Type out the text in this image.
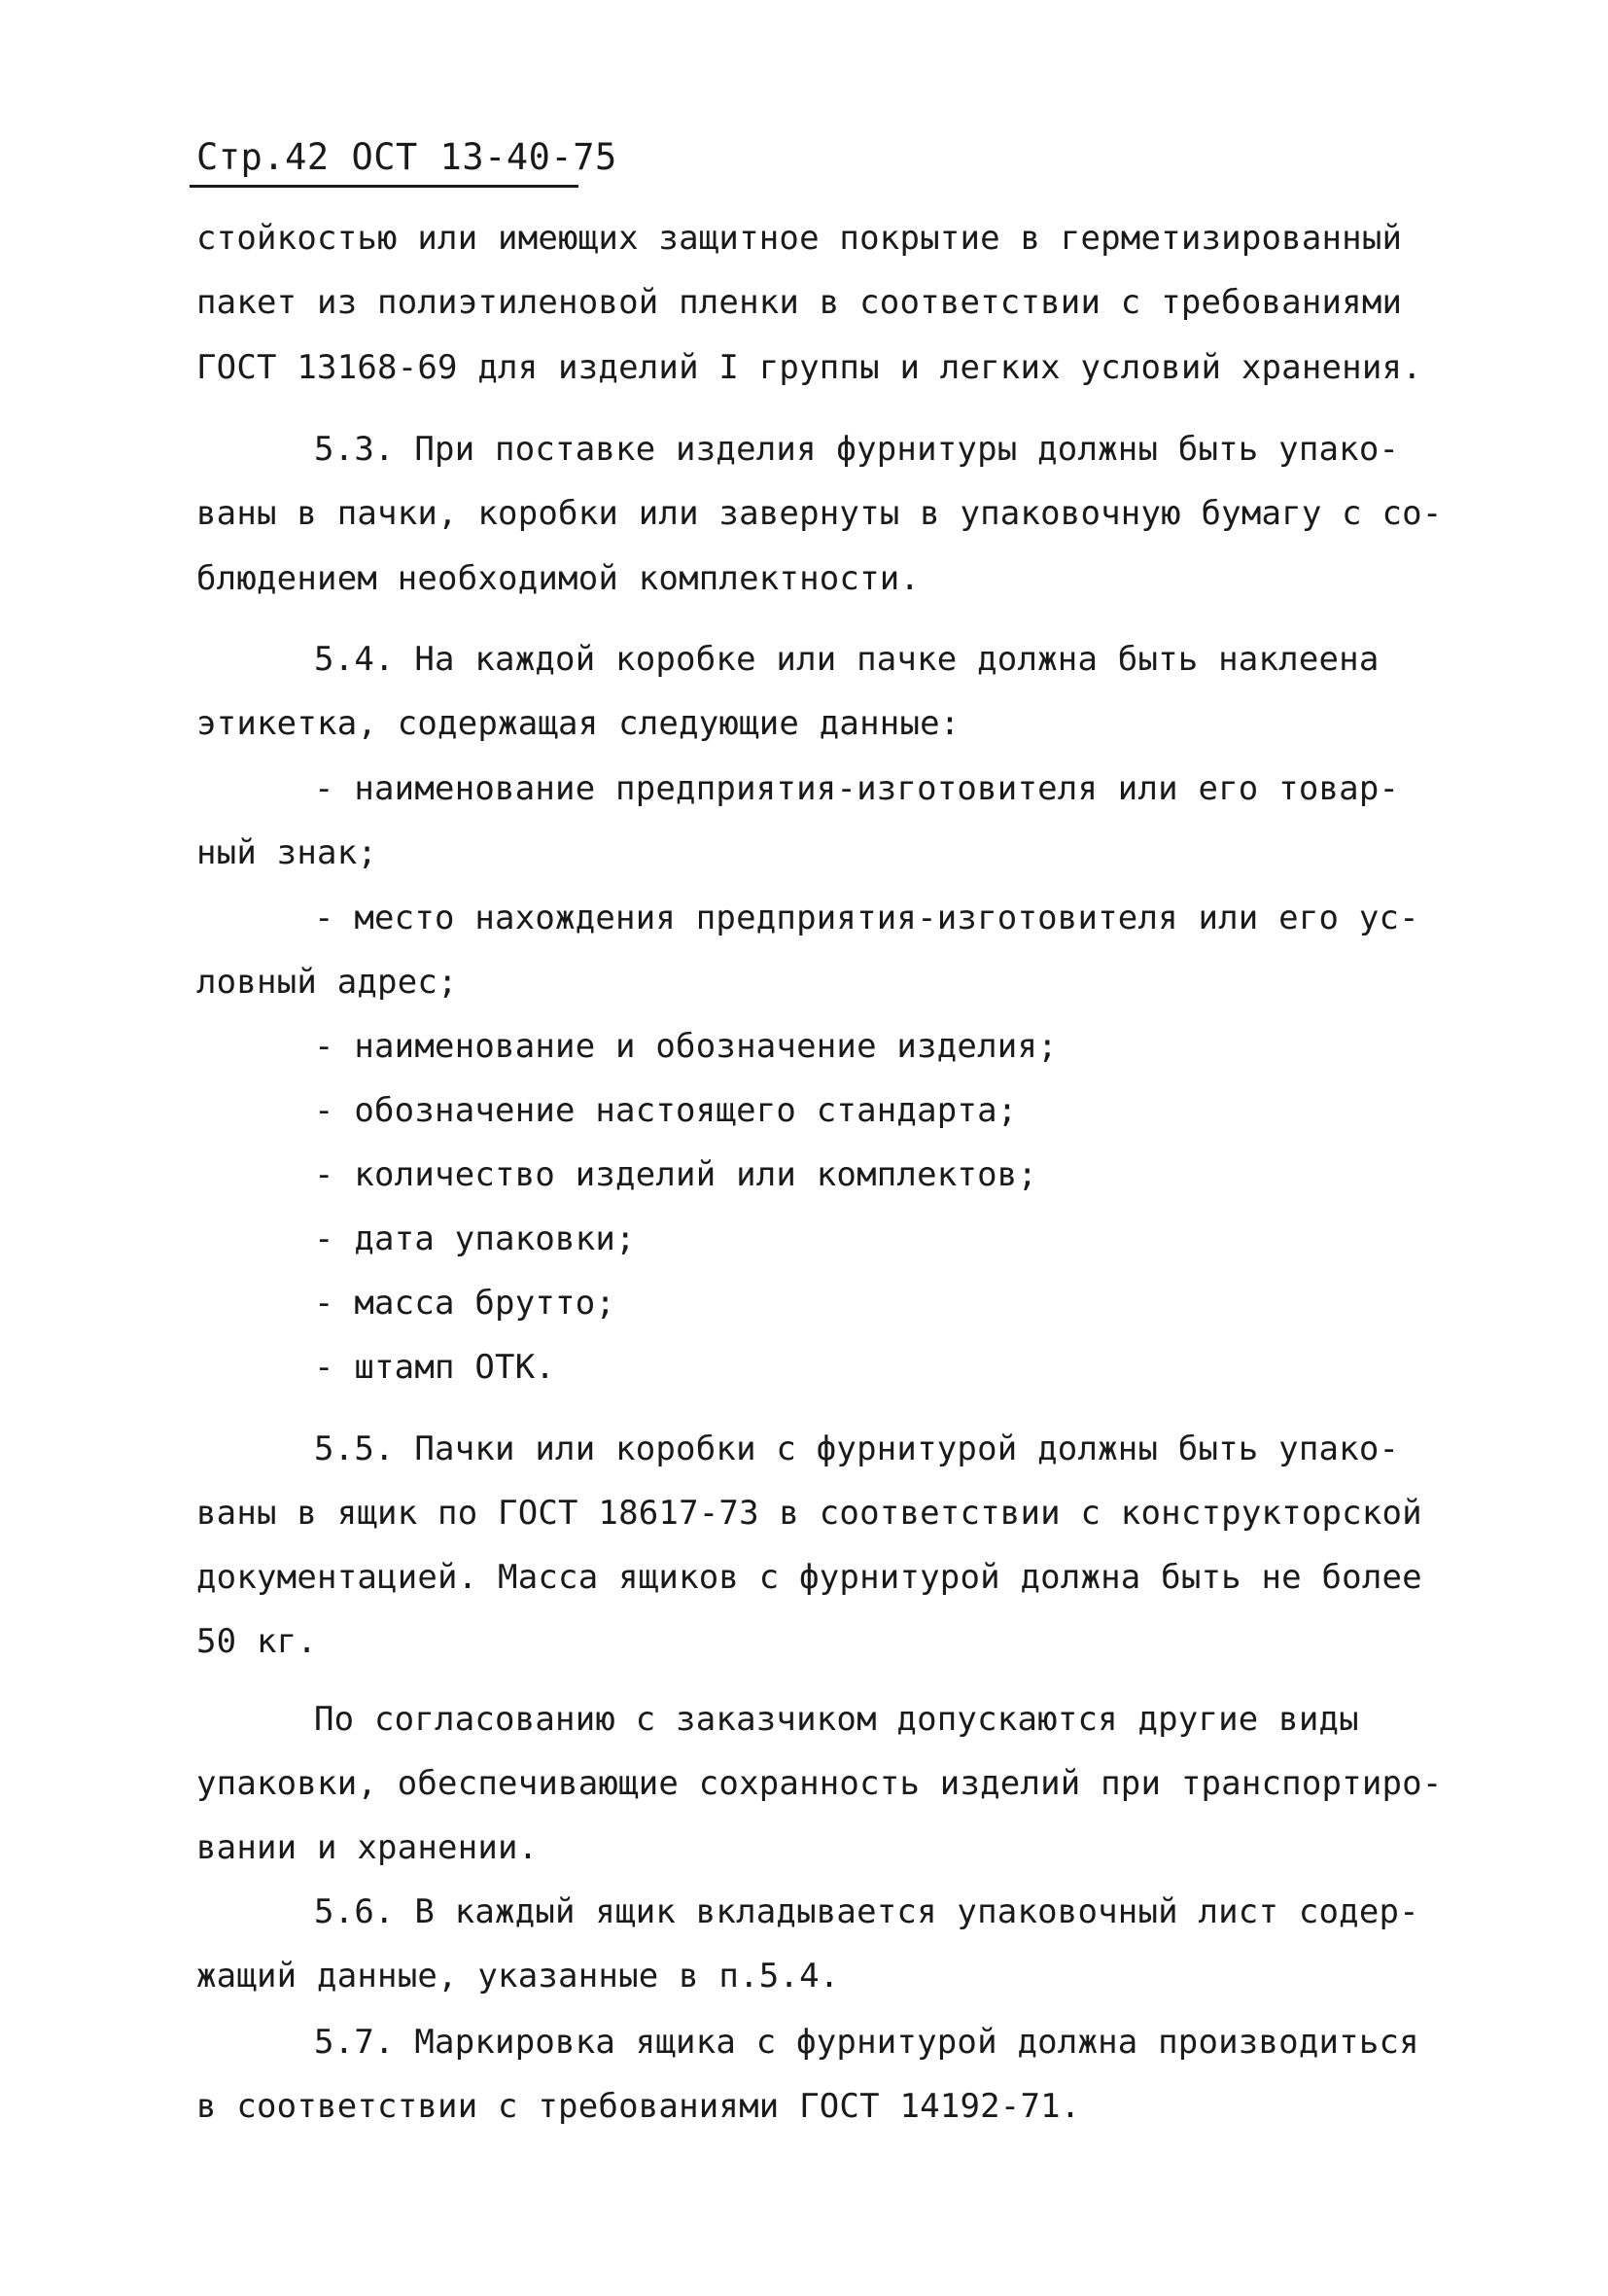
Стр.42 ОСТ 13-40-75
стойкостью или имеющих защитное покрытие в герметизированный
пакет из полиэтиленовой пленки в соответствии с требованиями
ГОСТ 13168-69 для изделий I группы и легких условий хранения.
5.3. При поставке изделия фурнитуры должны быть упако-
ваны в пачки, коробки или завернуты в упаковочную бумагу с со-
блюдением необходимой комплектности.
5.4. На каждой коробке или пачке должна быть наклеена
этикетка, содержащая следующие данные:
- наименование предприятия-изготовителя или его товар-
ный знак;
- место нахождения предприятия-изготовителя или его ус-
ловный адрес;
- наименование и обозначение изделия;
- обозначение настоящего стандарта;
- количество изделий или комплектов;
- дата упаковки;
- масса брутто;
- штамп ОТК.
5.5. Пачки или коробки с фурнитурой должны быть упако-
ваны в ящик по ГОСТ 18617-73 в соответствии с конструкторской
документацией. Масса ящиков с фурнитурой должна быть не более
50 кг.
По согласованию с заказчиком допускаются другие виды
упаковки, обеспечивающие сохранность изделий при транспортиро-
вании и хранении.
5.6. В каждый ящик вкладывается упаковочный лист содер-
жащий данные, указанные в п.5.4.
5.7. Маркировка ящика с фурнитурой должна производиться
в соответствии с требованиями ГОСТ 14192-71.
